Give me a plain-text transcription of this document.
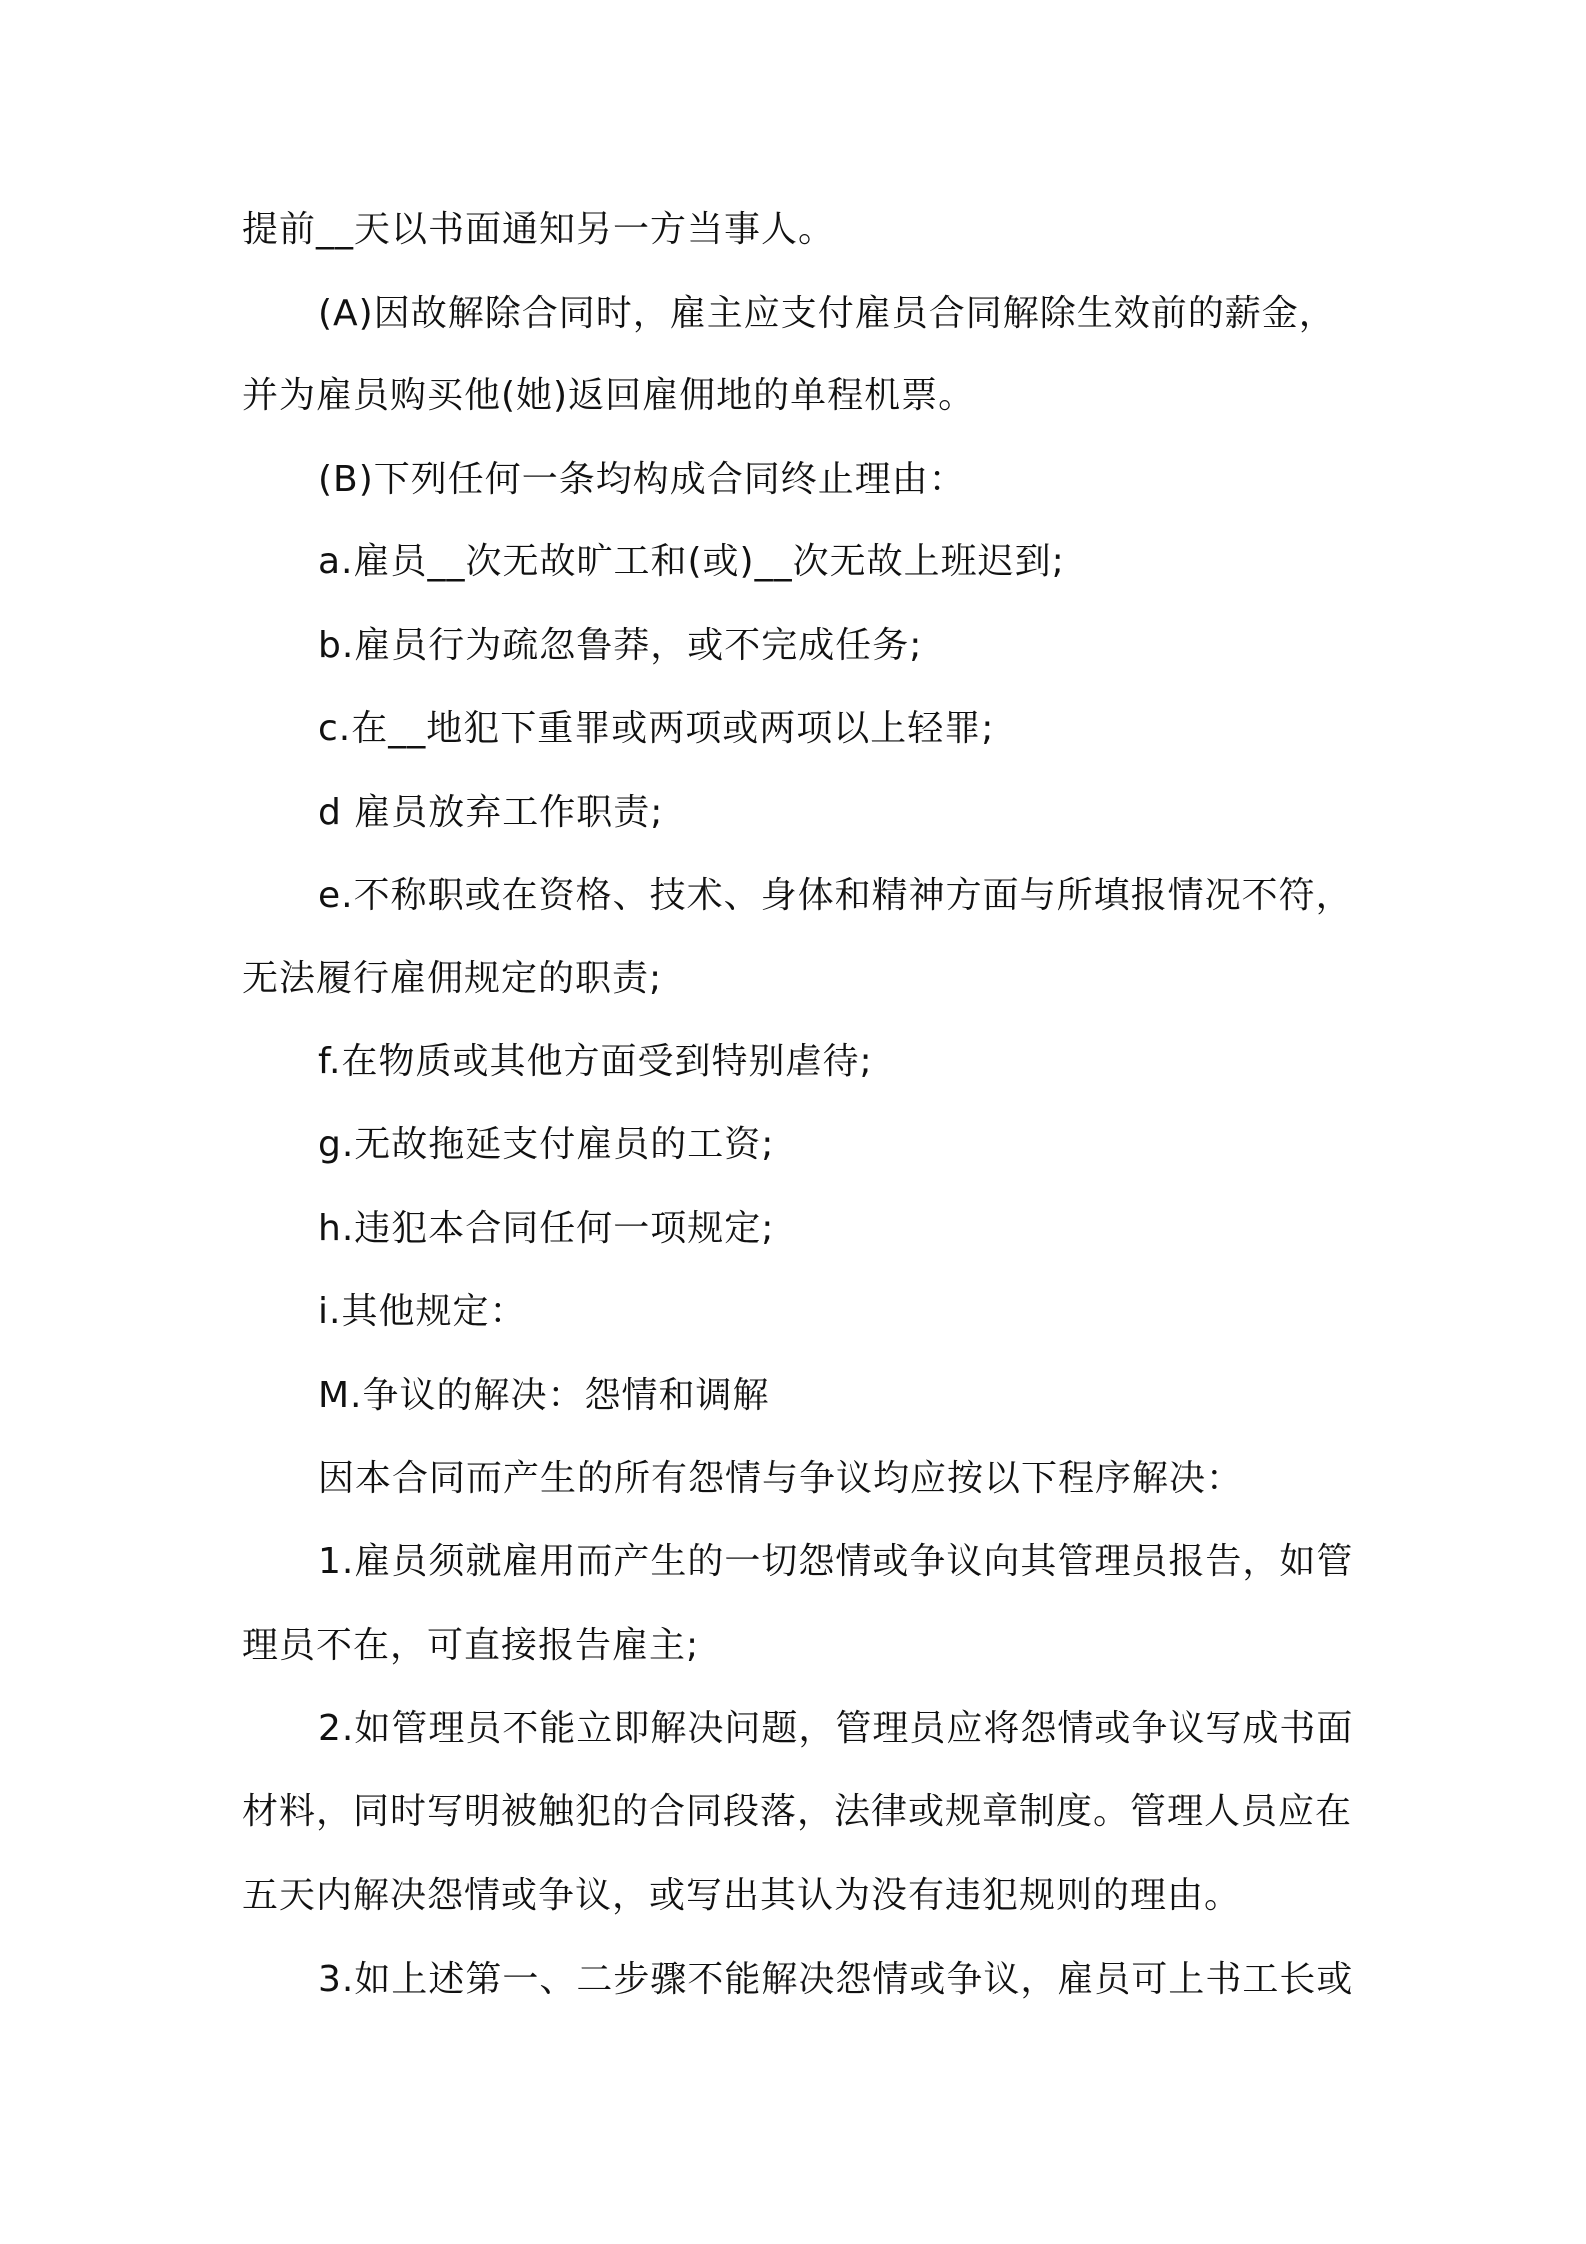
提前__天以书面通知另一方当事人。
(A)因故解除合同时，雇主应支付雇员合同解除生效前的薪金，
并为雇员购买他(她)返回雇佣地的单程机票。
(B)下列任何一条均构成合同终止理由：
a.雇员__次无故旷工和(或)__次无故上班迟到;
b.雇员行为疏忽鲁莽，或不完成任务;
c.在__地犯下重罪或两项或两项以上轻罪;
d 雇员放弃工作职责;
e.不称职或在资格、技术、身体和精神方面与所填报情况不符，
无法履行雇佣规定的职责;
f.在物质或其他方面受到特别虐待;
g.无故拖延支付雇员的工资;
h.违犯本合同任何一项规定;
i.其他规定：
M.争议的解决：怨情和调解
因本合同而产生的所有怨情与争议均应按以下程序解决：
1.雇员须就雇用而产生的一切怨情或争议向其管理员报告，如管
理员不在，可直接报告雇主;
2.如管理员不能立即解决问题，管理员应将怨情或争议写成书面
材料，同时写明被触犯的合同段落，法律或规章制度。管理人员应在
五天内解决怨情或争议，或写出其认为没有违犯规则的理由。
3.如上述第一、二步骤不能解决怨情或争议，雇员可上书工长或
